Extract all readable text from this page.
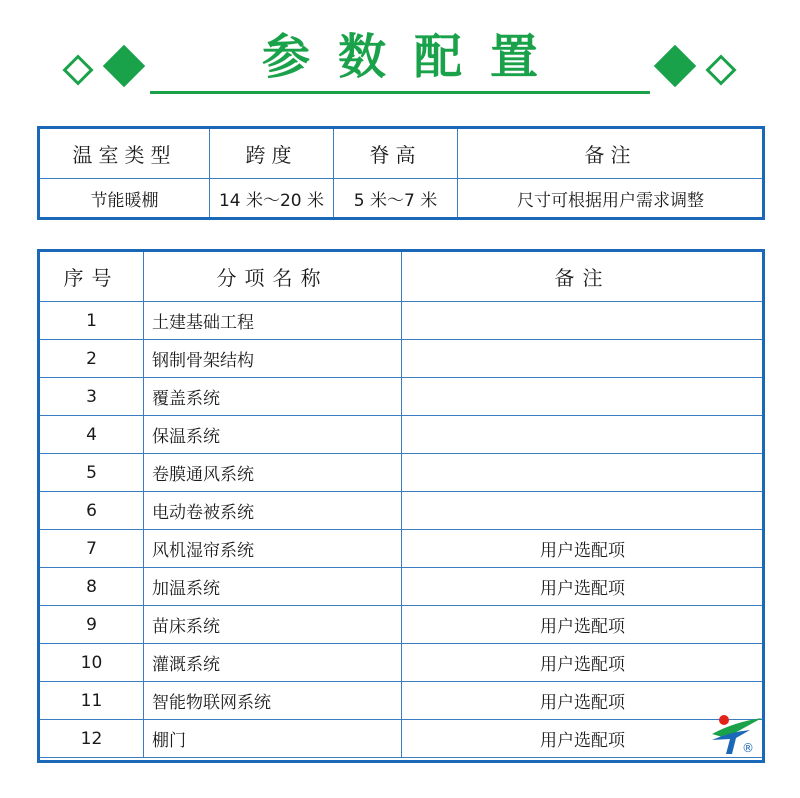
参数配置
温室类型	跨度	脊高	备注
节能暖棚	14 米～20 米	5 米～7 米	尺寸可根据用户需求调整
序号	分项名称	备注
1	土建基础工程	
2	钢制骨架结构	
3	覆盖系统	
4	保温系统	
5	卷膜通风系统	
6	电动卷被系统	
7	风机湿帘系统	用户选配项
8	加温系统	用户选配项
9	苗床系统	用户选配项
10	灌溉系统	用户选配项
11	智能物联网系统	用户选配项
12	棚门	用户选配项	®
